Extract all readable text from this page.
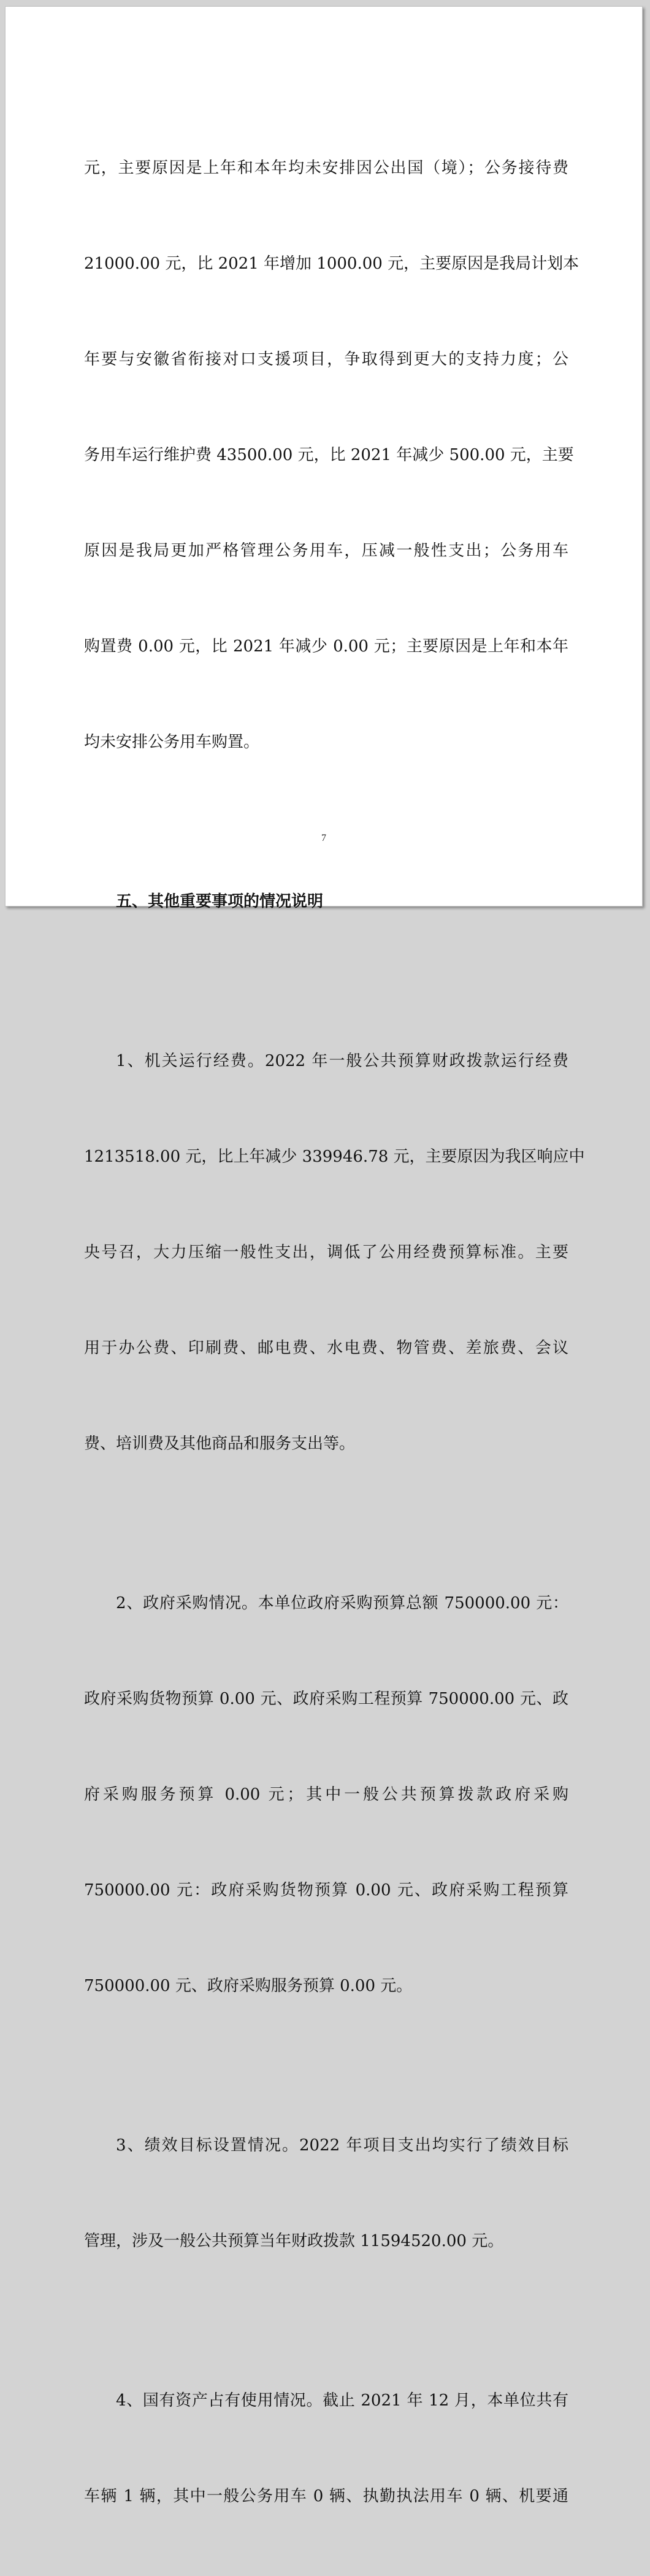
元，主要原因是上年和本年均未安排因公出国（境）；公务接待费

21000.00 元，比 2021 年增加 1000.00 元，主要原因是我局计划本

年要与安徽省衔接对口支援项目，争取得到更大的支持力度；公

务用车运行维护费 43500.00 元，比 2021 年减少 500.00 元，主要

原因是我局更加严格管理公务用车，压减一般性支出；公务用车

购置费 0.00 元，比 2021 年减少 0.00 元；主要原因是上年和本年

均未安排公务用车购置。

五、其他重要事项的情况说明

1、机关运行经费。2022 年一般公共预算财政拨款运行经费

1213518.00 元，比上年减少 339946.78 元，主要原因为我区响应中

央号召，大力压缩一般性支出，调低了公用经费预算标准。主要

用于办公费、印刷费、邮电费、水电费、物管费、差旅费、会议

费、培训费及其他商品和服务支出等。

2、政府采购情况。本单位政府采购预算总额 750000.00 元：

政府采购货物预算 0.00 元、政府采购工程预算 750000.00 元、政

府采购服务预算 0.00 元；其中一般公共预算拨款政府采购

750000.00 元：政府采购货物预算 0.00 元、政府采购工程预算

750000.00 元、政府采购服务预算 0.00 元。

3、绩效目标设置情况。2022 年项目支出均实行了绩效目标

管理，涉及一般公共预算当年财政拨款 11594520.00 元。

4、国有资产占有使用情况。截止 2021 年 12 月，本单位共有

车辆 1 辆，其中一般公务用车 0 辆、执勤执法用车 0 辆、机要通

7
